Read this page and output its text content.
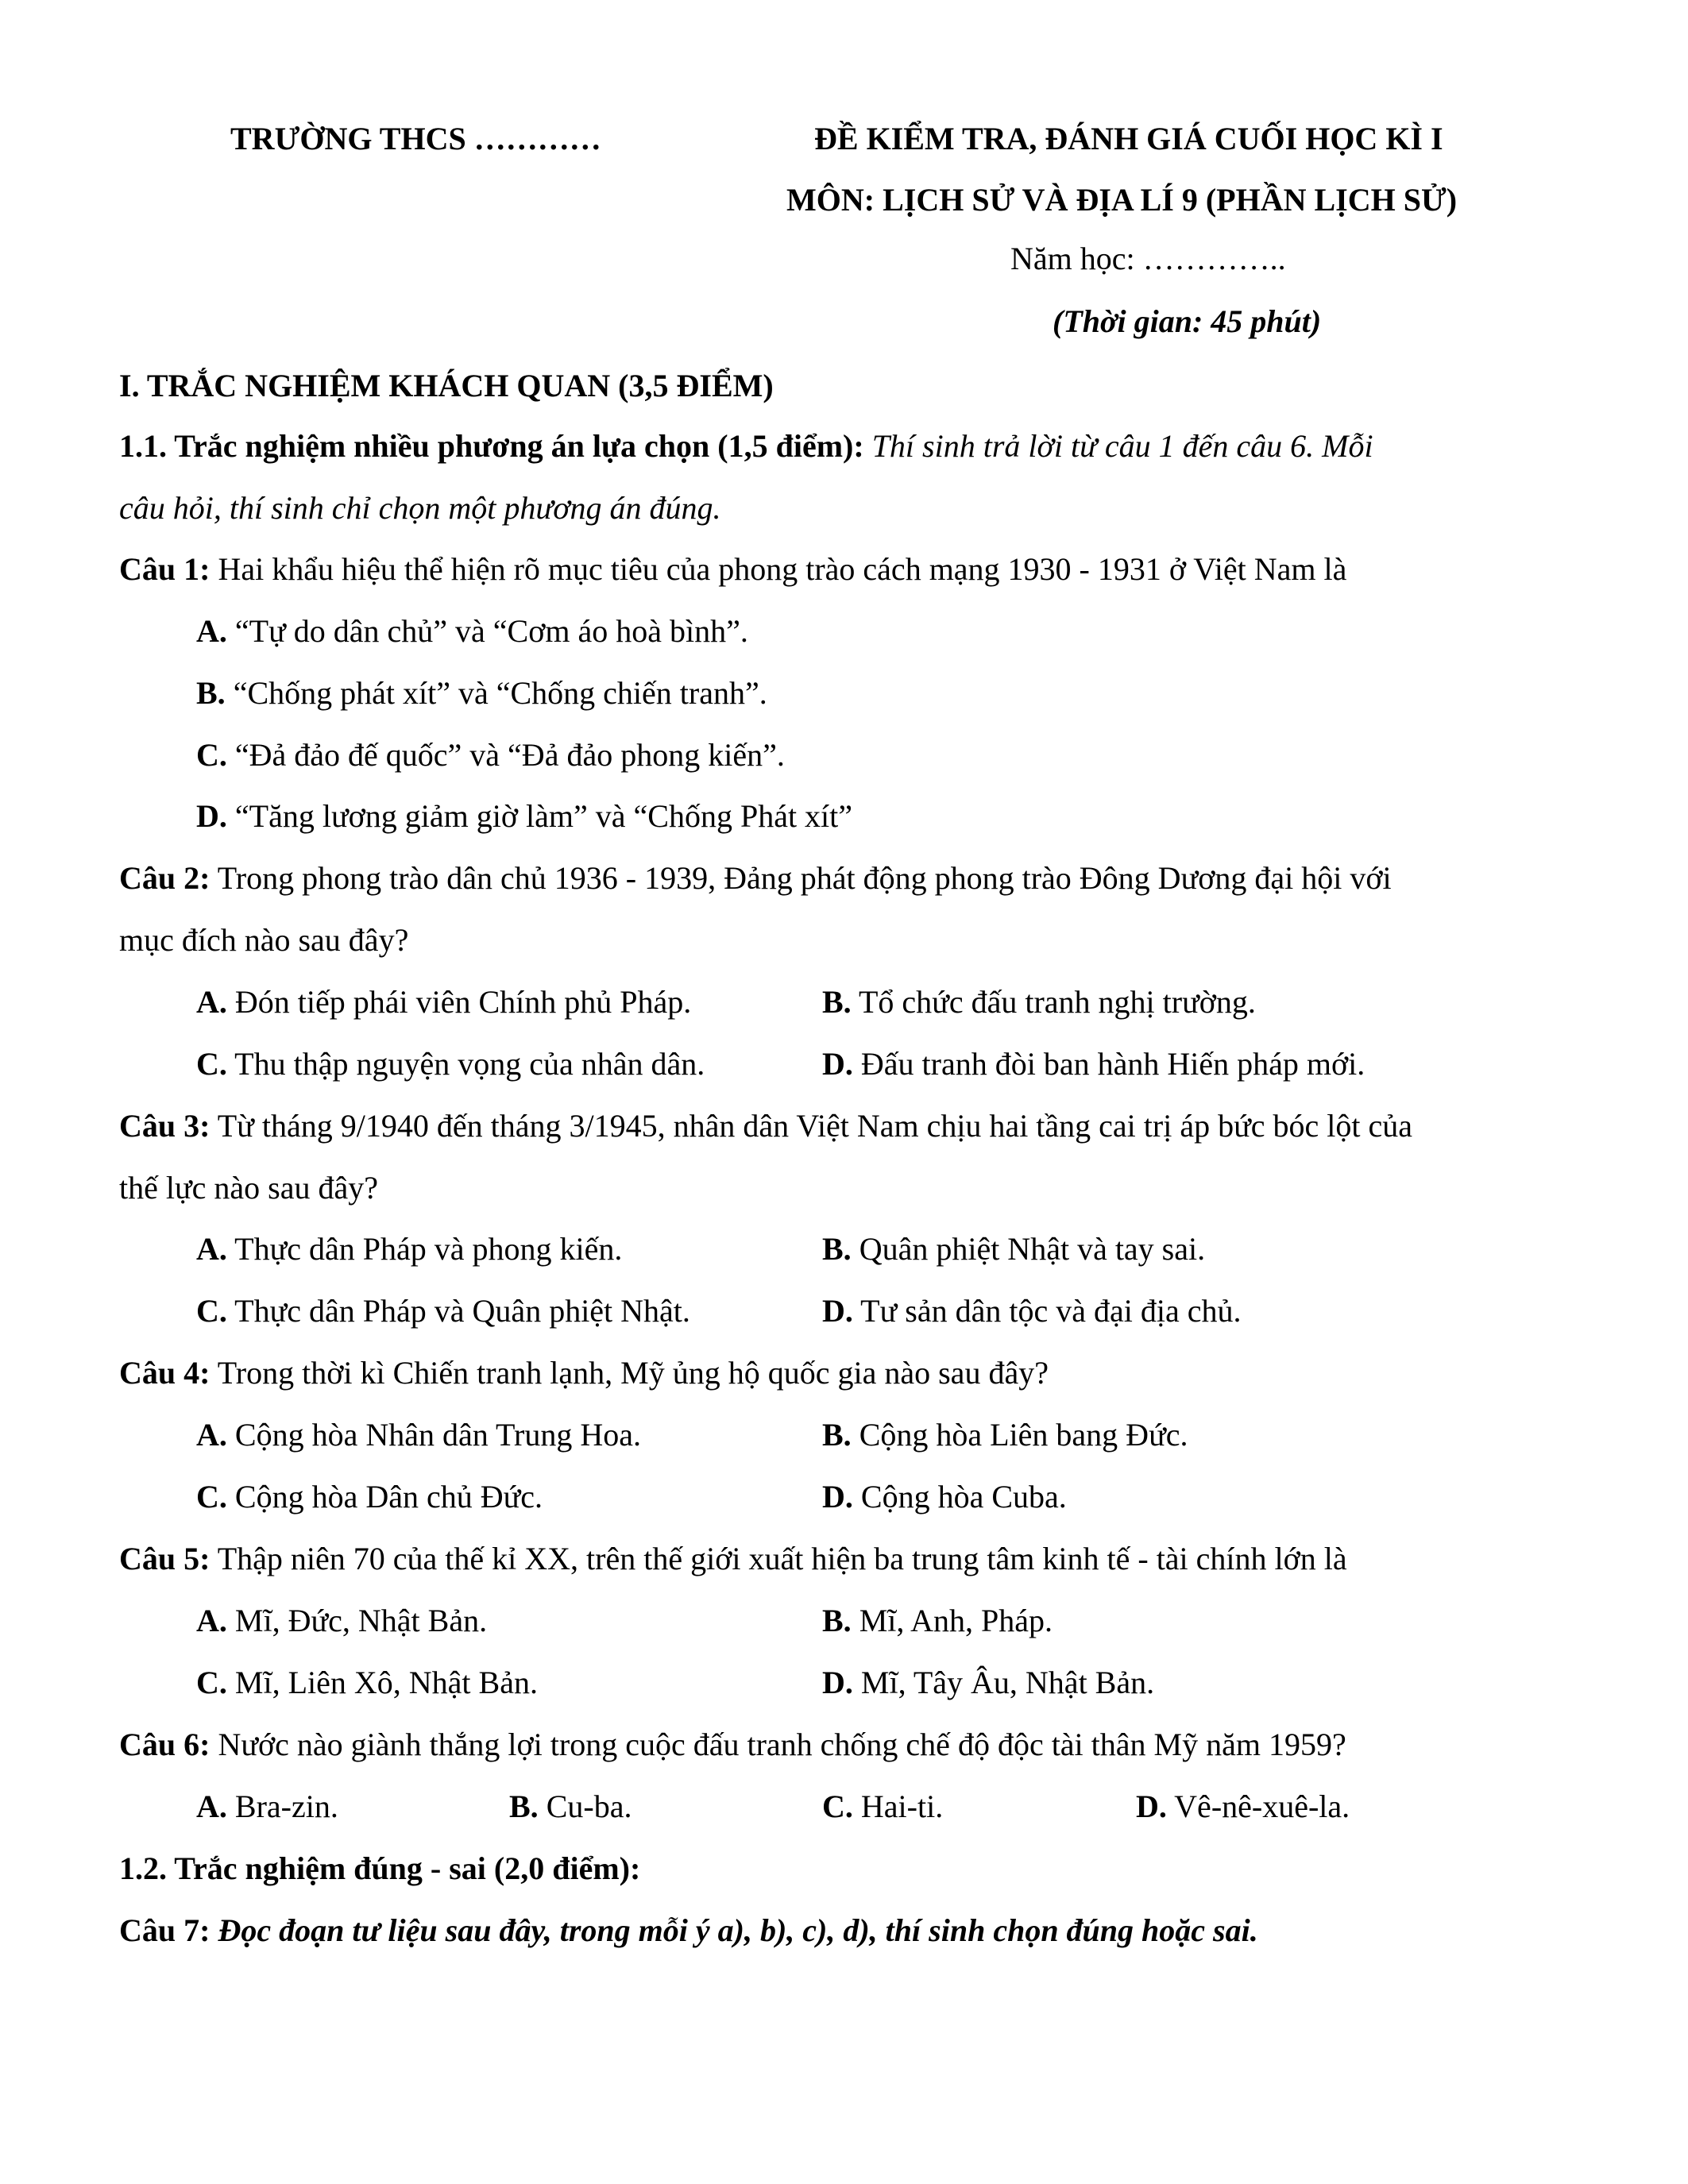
TRƯỜNG THCS …………	ĐỀ KIỂM TRA, ĐÁNH GIÁ CUỐI HỌC KÌ I
MÔN: LỊCH SỬ VÀ ĐỊA LÍ 9 (PHẦN LỊCH SỬ)
Năm học: …………..
(Thời gian: 45 phút)
I. TRẮC NGHIỆM KHÁCH QUAN (3,5 ĐIỂM)
1.1. Trắc nghiệm nhiều phương án lựa chọn (1,5 điểm): Thí sinh trả lời từ câu 1 đến câu 6. Mỗi
câu hỏi, thí sinh chỉ chọn một phương án đúng.
Câu 1: Hai khẩu hiệu thể hiện rõ mục tiêu của phong trào cách mạng 1930 - 1931 ở Việt Nam là
A. “Tự do dân chủ” và “Cơm áo hoà bình”.
B. “Chống phát xít” và “Chống chiến tranh”.
C. “Đả đảo đế quốc” và “Đả đảo phong kiến”.
D. “Tăng lương giảm giờ làm” và “Chống Phát xít”
Câu 2: Trong phong trào dân chủ 1936 - 1939, Đảng phát động phong trào Đông Dương đại hội với
mục đích nào sau đây?
A. Đón tiếp phái viên Chính phủ Pháp.	B. Tổ chức đấu tranh nghị trường.
C. Thu thập nguyện vọng của nhân dân.	D. Đấu tranh đòi ban hành Hiến pháp mới.
Câu 3: Từ tháng 9/1940 đến tháng 3/1945, nhân dân Việt Nam chịu hai tầng cai trị áp bức bóc lột của
thế lực nào sau đây?
A. Thực dân Pháp và phong kiến.	B. Quân phiệt Nhật và tay sai.
C. Thực dân Pháp và Quân phiệt Nhật.	D. Tư sản dân tộc và đại địa chủ.
Câu 4: Trong thời kì Chiến tranh lạnh, Mỹ ủng hộ quốc gia nào sau đây?
A. Cộng hòa Nhân dân Trung Hoa.	B. Cộng hòa Liên bang Đức.
C. Cộng hòa Dân chủ Đức.	D. Cộng hòa Cuba.
Câu 5: Thập niên 70 của thế kỉ XX, trên thế giới xuất hiện ba trung tâm kinh tế - tài chính lớn là
A. Mĩ, Đức, Nhật Bản.	B. Mĩ, Anh, Pháp.
C. Mĩ, Liên Xô, Nhật Bản.	D. Mĩ, Tây Âu, Nhật Bản.
Câu 6: Nước nào giành thắng lợi trong cuộc đấu tranh chống chế độ độc tài thân Mỹ năm 1959?
A. Bra-zin.	B. Cu-ba.	C. Hai-ti.	D. Vê-nê-xuê-la.
1.2. Trắc nghiệm đúng - sai (2,0 điểm):
Câu 7: Đọc đoạn tư liệu sau đây, trong mỗi ý a), b), c), d), thí sinh chọn đúng hoặc sai.
